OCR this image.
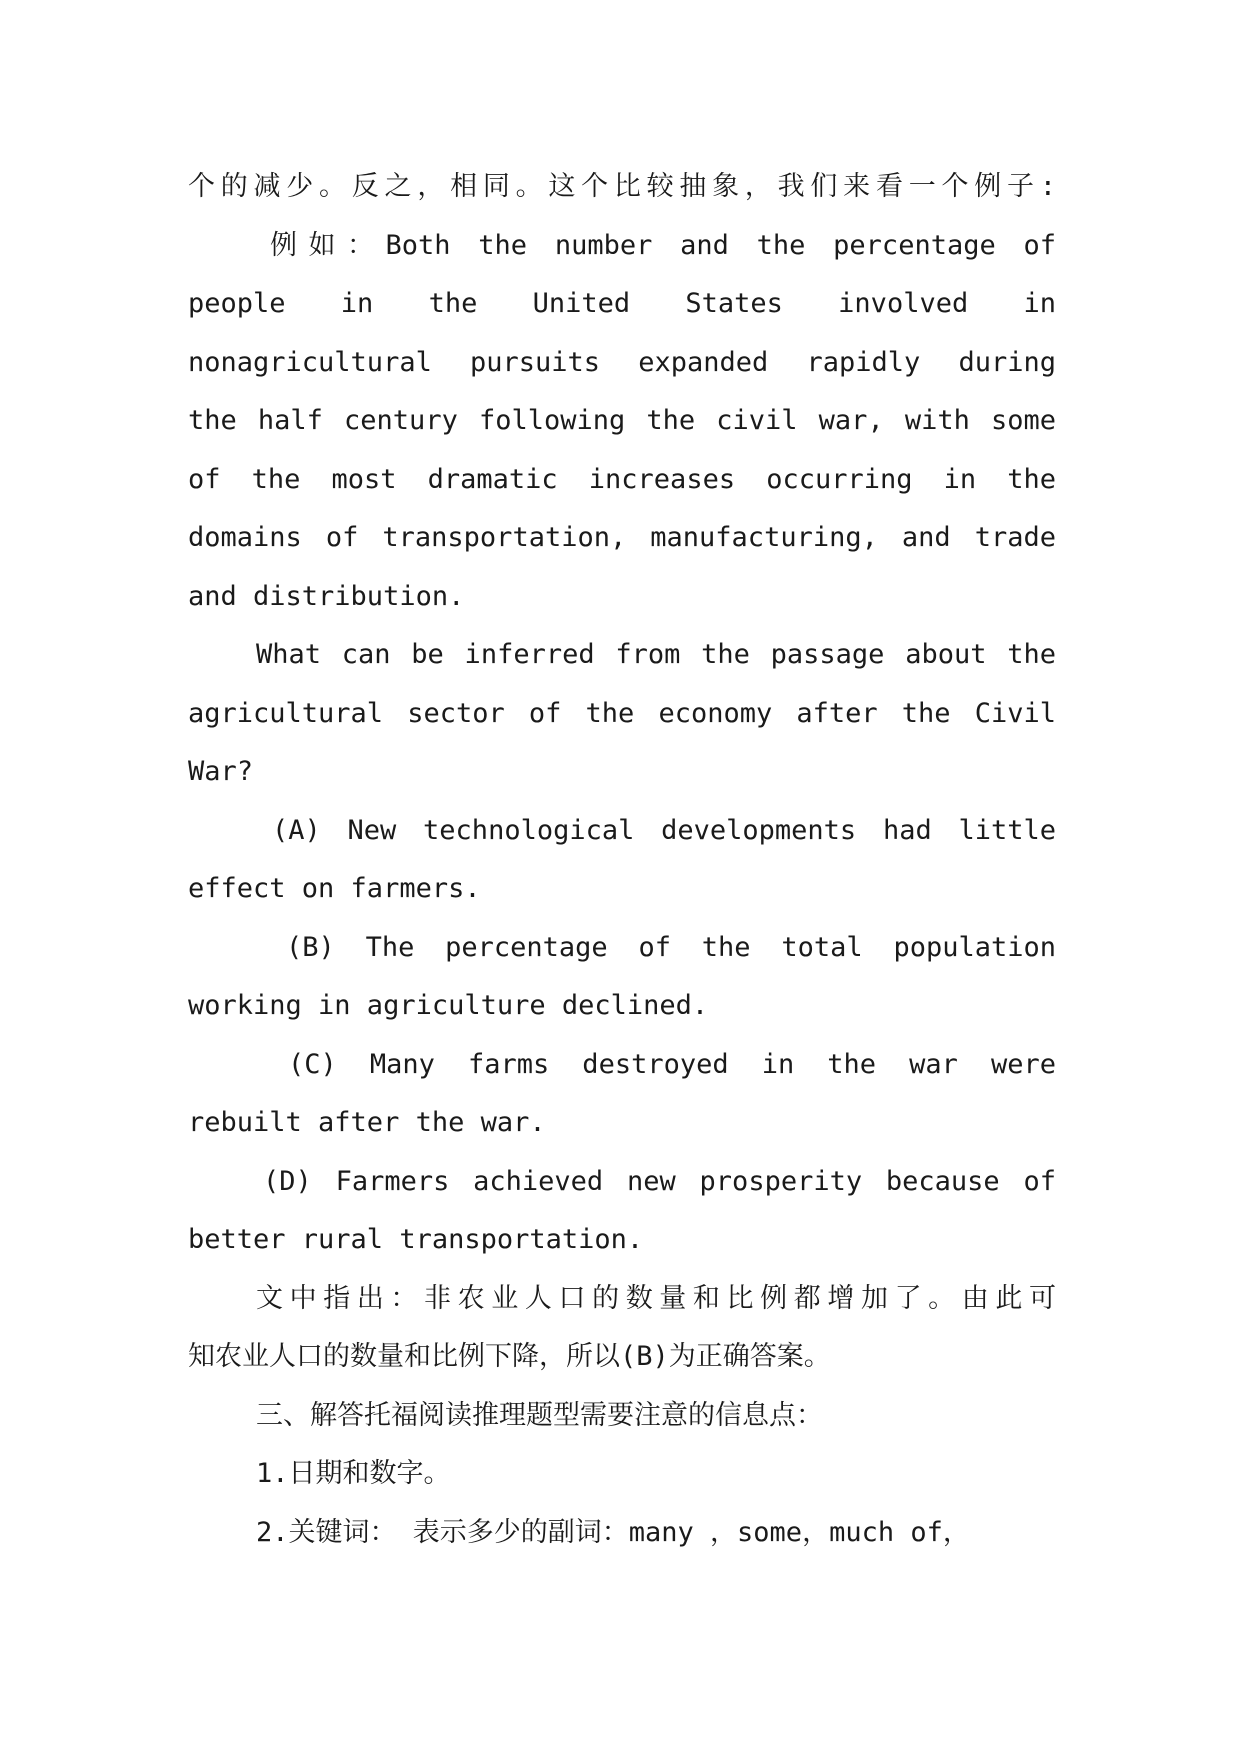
个的减少。反之，相同。这个比较抽象，我们来看一个例子:
例如：Both the number and the percentage of
people in the United States involved in
nonagricultural pursuits expanded rapidly during
the half century following the civil war, with some
of the most dramatic increases occurring in the
domains of transportation, manufacturing, and trade
and distribution.
What can be inferred from the passage about the
agricultural sector of the economy after the Civil
War?
(A) New technological developments had little
effect on farmers.
(B) The percentage of the total population
working in agriculture declined.
(C) Many farms destroyed in the war were
rebuilt after the war.
(D) Farmers achieved new prosperity because of
better rural transportation.
文中指出：非农业人口的数量和比例都增加了。由此可
知农业人口的数量和比例下降，所以(B)为正确答案。
三、解答托福阅读推理题型需要注意的信息点：
1.日期和数字。
2.关键词： 表示多少的副词：many ，some，much of，
